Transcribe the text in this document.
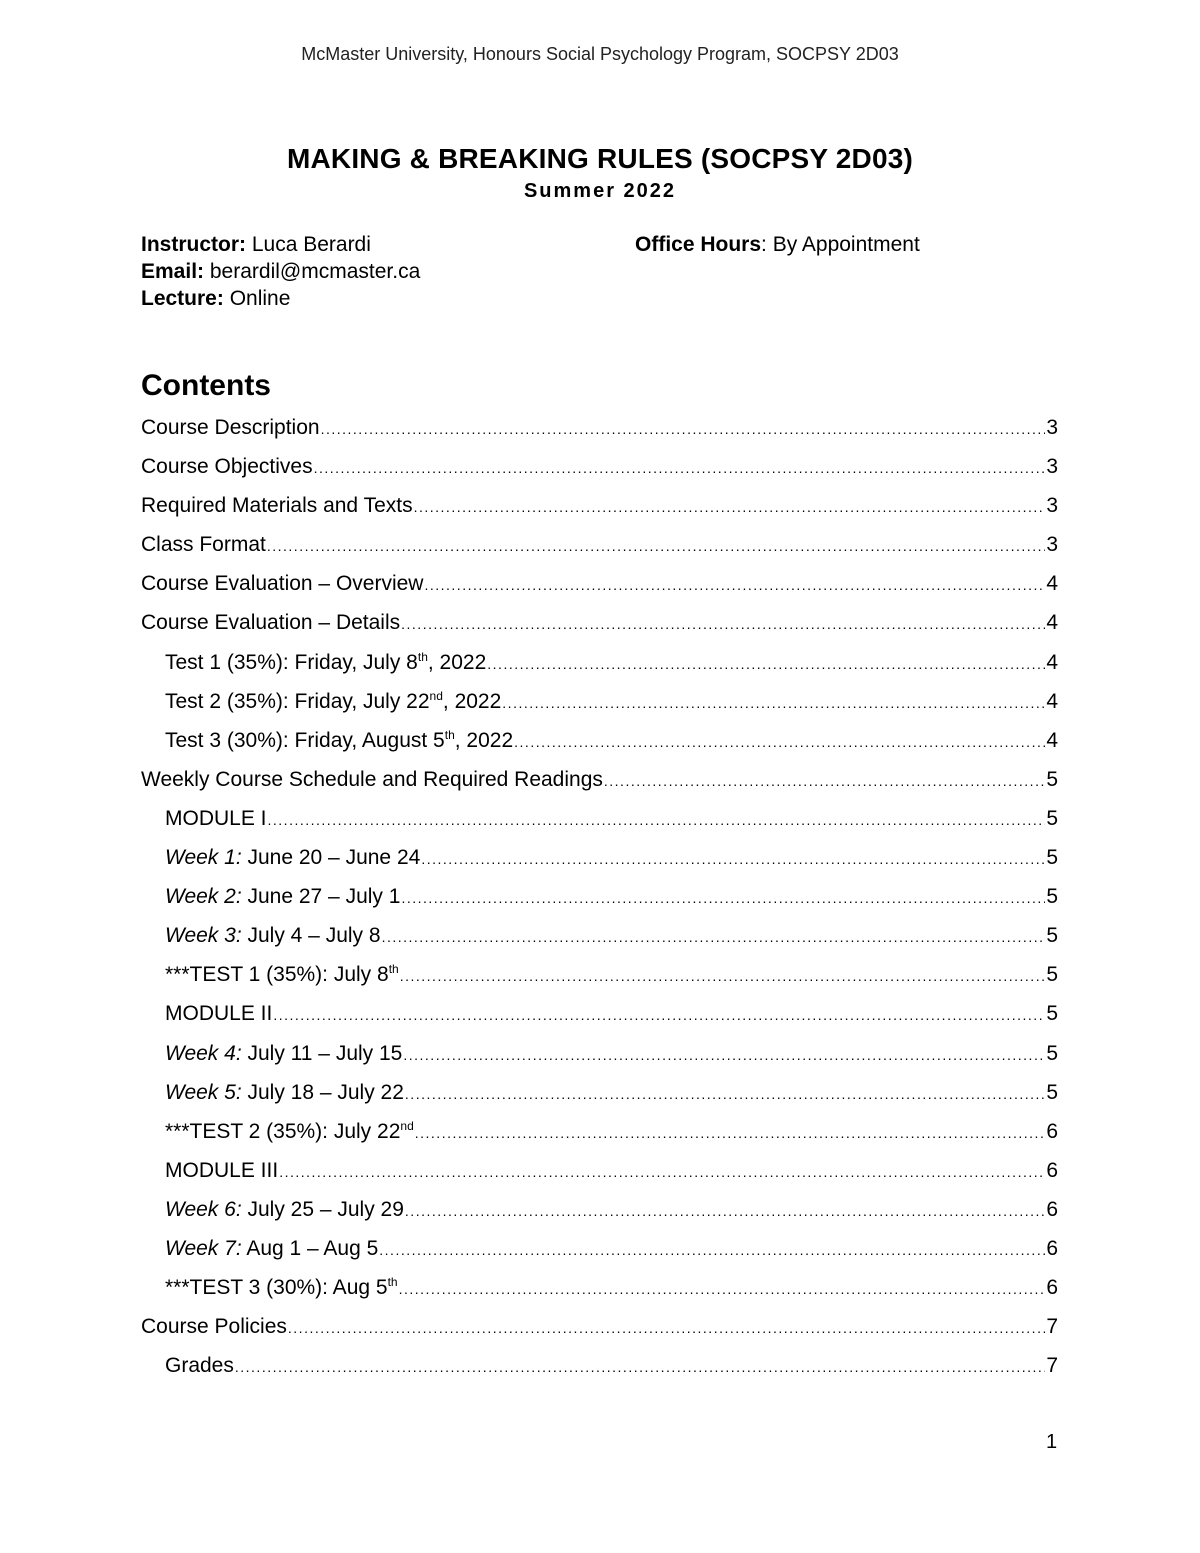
McMaster University, Honours Social Psychology Program, SOCPSY 2D03
MAKING & BREAKING RULES (SOCPSY 2D03)
Summer 2022
Instructor: Luca Berardi
Email: berardil@mcmaster.ca
Lecture: Online
Office Hours: By Appointment
Contents
Course Description .....	3
Course Objectives .....	3
Required Materials and Texts .....	3
Class Format .....	3
Course Evaluation – Overview .....	4
Course Evaluation – Details .....	4
Test 1 (35%): Friday, July 8th, 2022 .....	4
Test 2 (35%): Friday, July 22nd, 2022 .....	4
Test 3 (30%): Friday, August 5th, 2022 .....	4
Weekly Course Schedule and Required Readings .....	5
MODULE I .....	5
Week 1: June 20 – June 24 .....	5
Week 2: June 27 – July 1 .....	5
Week 3: July 4 – July 8 .....	5
***TEST 1 (35%): July 8th .....	5
MODULE II .....	5
Week 4: July 11 – July 15 .....	5
Week 5: July 18 – July 22 .....	5
***TEST 2 (35%): July 22nd .....	6
MODULE III .....	6
Week 6: July 25 – July 29 .....	6
Week 7: Aug 1 – Aug 5 .....	6
***TEST 3 (30%): Aug 5th .....	6
Course Policies .....	7
Grades .....	7
1
